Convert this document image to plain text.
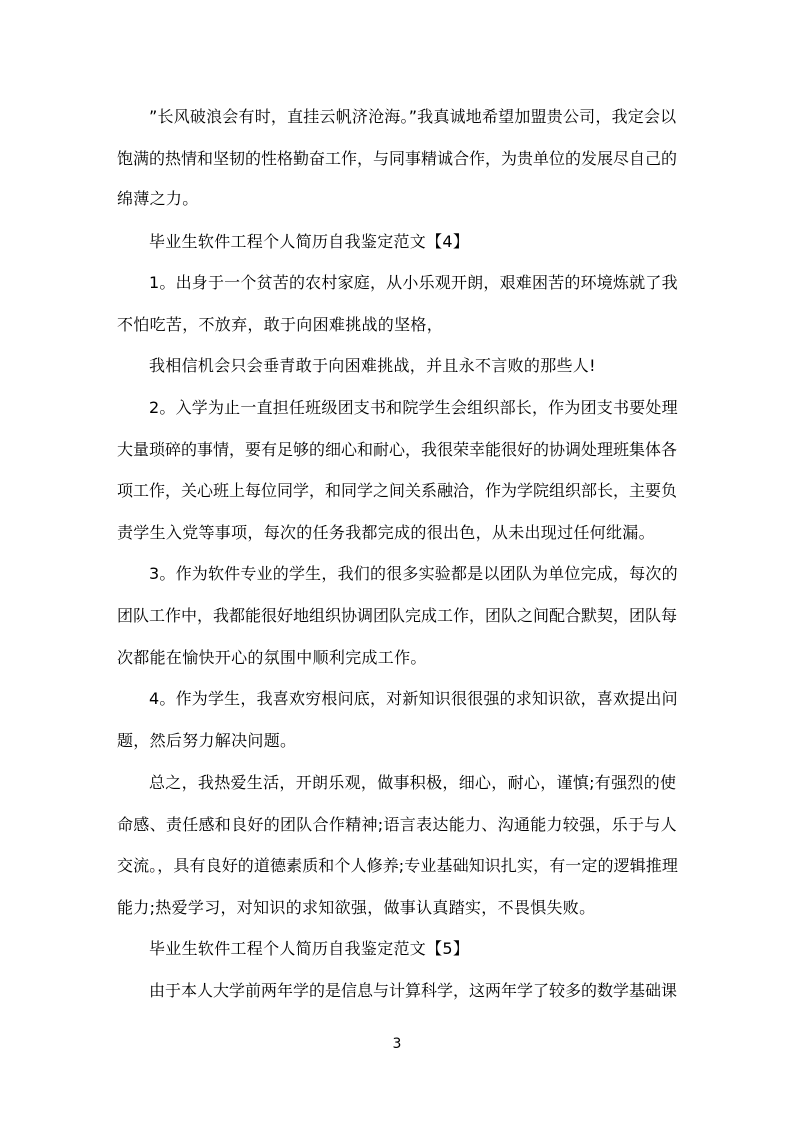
”长风破浪会有时，直挂云帆济沧海。”我真诚地希望加盟贵公司，我定会以
饱满的热情和坚韧的性格勤奋工作，与同事精诚合作，为贵单位的发展尽自己的
绵薄之力。
毕业生软件工程个人简历自我鉴定范文【4】
1。出身于一个贫苦的农村家庭，从小乐观开朗，艰难困苦的环境炼就了我
不怕吃苦，不放弃，敢于向困难挑战的坚格，
我相信机会只会垂青敢于向困难挑战，并且永不言败的那些人!
2。入学为止一直担任班级团支书和院学生会组织部长，作为团支书要处理
大量琐碎的事情，要有足够的细心和耐心，我很荣幸能很好的协调处理班集体各
项工作，关心班上每位同学，和同学之间关系融洽，作为学院组织部长，主要负
责学生入党等事项，每次的任务我都完成的很出色，从未出现过任何纰漏。
3。作为软件专业的学生，我们的很多实验都是以团队为单位完成，每次的
团队工作中，我都能很好地组织协调团队完成工作，团队之间配合默契，团队每
次都能在愉快开心的氛围中顺利完成工作。
4。作为学生，我喜欢穷根问底，对新知识很很强的求知识欲，喜欢提出问
题，然后努力解决问题。
总之，我热爱生活，开朗乐观，做事积极，细心，耐心，谨慎;有强烈的使
命感、责任感和良好的团队合作精神;语言表达能力、沟通能力较强，乐于与人
交流。，具有良好的道德素质和个人修养;专业基础知识扎实，有一定的逻辑推理
能力;热爱学习，对知识的求知欲强，做事认真踏实，不畏惧失败。
毕业生软件工程个人简历自我鉴定范文【5】
由于本人大学前两年学的是信息与计算科学，这两年学了较多的数学基础课
3
